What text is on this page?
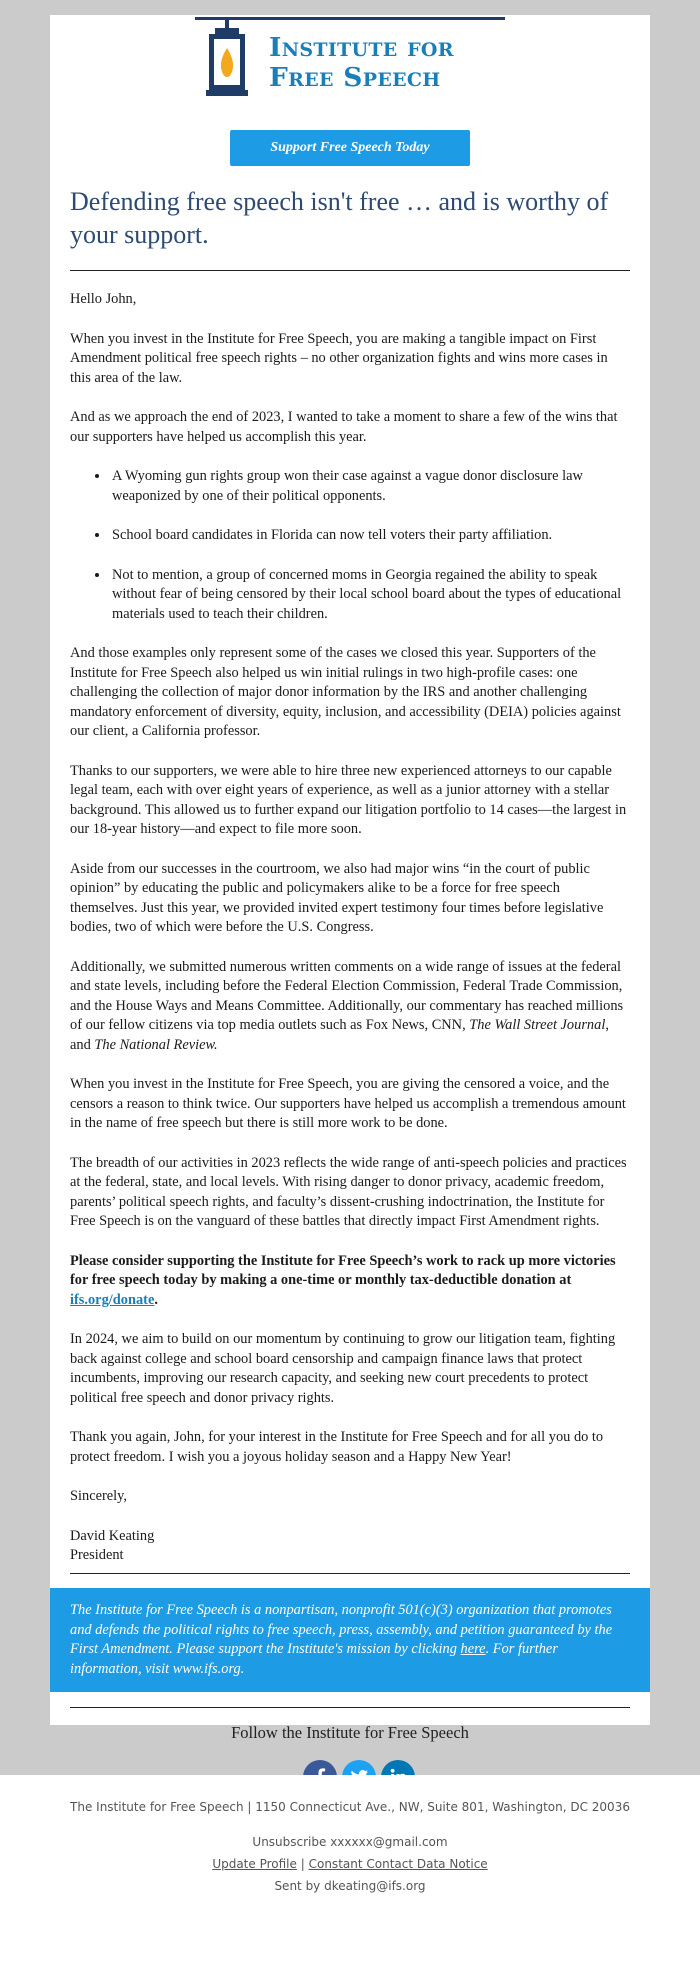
Institute for
Free Speech
Support Free Speech Today
Defending free speech isn't free … and is worthy of your support.

Hello John,

When you invest in the Institute for Free Speech, you are making a tangible impact on First Amendment political free speech rights – no other organization fights and wins more cases in this area of the law.

And as we approach the end of 2023, I wanted to take a moment to share a few of the wins that our supporters have helped us accomplish this year.

• A Wyoming gun rights group won their case against a vague donor disclosure law weaponized by one of their political opponents.
• School board candidates in Florida can now tell voters their party affiliation.
• Not to mention, a group of concerned moms in Georgia regained the ability to speak without fear of being censored by their local school board about the types of educational materials used to teach their children.

And those examples only represent some of the cases we closed this year. Supporters of the Institute for Free Speech also helped us win initial rulings in two high-profile cases: one challenging the collection of major donor information by the IRS and another challenging mandatory enforcement of diversity, equity, inclusion, and accessibility (DEIA) policies against our client, a California professor.

Thanks to our supporters, we were able to hire three new experienced attorneys to our capable legal team, each with over eight years of experience, as well as a junior attorney with a stellar background. This allowed us to further expand our litigation portfolio to 14 cases—the largest in our 18-year history—and expect to file more soon.

Aside from our successes in the courtroom, we also had major wins “in the court of public opinion” by educating the public and policymakers alike to be a force for free speech themselves. Just this year, we provided invited expert testimony four times before legislative bodies, two of which were before the U.S. Congress.

Additionally, we submitted numerous written comments on a wide range of issues at the federal and state levels, including before the Federal Election Commission, Federal Trade Commission, and the House Ways and Means Committee. Additionally, our commentary has reached millions of our fellow citizens via top media outlets such as Fox News, CNN, The Wall Street Journal, and The National Review.

When you invest in the Institute for Free Speech, you are giving the censored a voice, and the censors a reason to think twice. Our supporters have helped us accomplish a tremendous amount in the name of free speech but there is still more work to be done.

The breadth of our activities in 2023 reflects the wide range of anti-speech policies and practices at the federal, state, and local levels. With rising danger to donor privacy, academic freedom, parents’ political speech rights, and faculty’s dissent-crushing indoctrination, the Institute for Free Speech is on the vanguard of these battles that directly impact First Amendment rights.

Please consider supporting the Institute for Free Speech’s work to rack up more victories for free speech today by making a one-time or monthly tax-deductible donation at ifs.org/donate.

In 2024, we aim to build on our momentum by continuing to grow our litigation team, fighting back against college and school board censorship and campaign finance laws that protect incumbents, improving our research capacity, and seeking new court precedents to protect political free speech and donor privacy rights.

Thank you again, John, for your interest in the Institute for Free Speech and for all you do to protect freedom. I wish you a joyous holiday season and a Happy New Year!

Sincerely,

David Keating
President

The Institute for Free Speech is a nonpartisan, nonprofit 501(c)(3) organization that promotes and defends the political rights to free speech, press, assembly, and petition guaranteed by the First Amendment. Please support the Institute's mission by clicking here. For further information, visit www.ifs.org.

Follow the Institute for Free Speech
The Institute for Free Speech | 1150 Connecticut Ave., NW, Suite 801, Washington, DC 20036
Unsubscribe xxxxxx@gmail.com
Update Profile | Constant Contact Data Notice
Sent by dkeating@ifs.org
